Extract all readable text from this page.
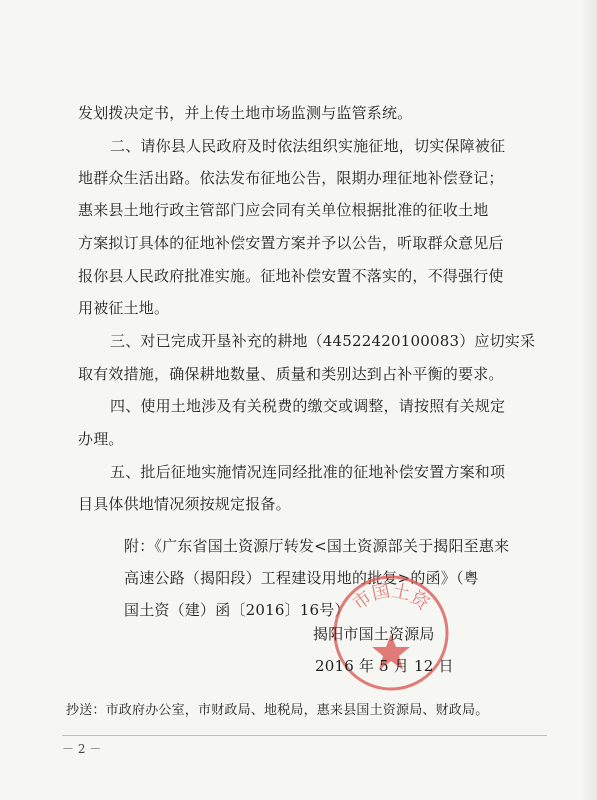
发划拨决定书，并上传土地市场监测与监管系统。
二、请你县人民政府及时依法组织实施征地，切实保障被征
地群众生活出路。依法发布征地公告，限期办理征地补偿登记；
惠来县土地行政主管部门应会同有关单位根据批准的征收土地
方案拟订具体的征地补偿安置方案并予以公告，听取群众意见后
报你县人民政府批准实施。征地补偿安置不落实的，不得强行使
用被征土地。
三、对已完成开垦补充的耕地（44522420100083）应切实采
取有效措施，确保耕地数量、质量和类别达到占补平衡的要求。
四、使用土地涉及有关税费的缴交或调整，请按照有关规定
办理。
五、批后征地实施情况连同经批准的征地补偿安置方案和项
目具体供地情况须按规定报备。
附：《广东省国土资源厅转发<国土资源部关于揭阳至惠来
高速公路（揭阳段）工程建设用地的批复>的函》（粤
国土资（建）函〔2016〕16号） 市国土资
揭阳市国土资源局
2016 年 5 月 12 日
抄送：市政府办公室，市财政局、地税局，惠来县国土资源局、财政局。
－ 2 －
